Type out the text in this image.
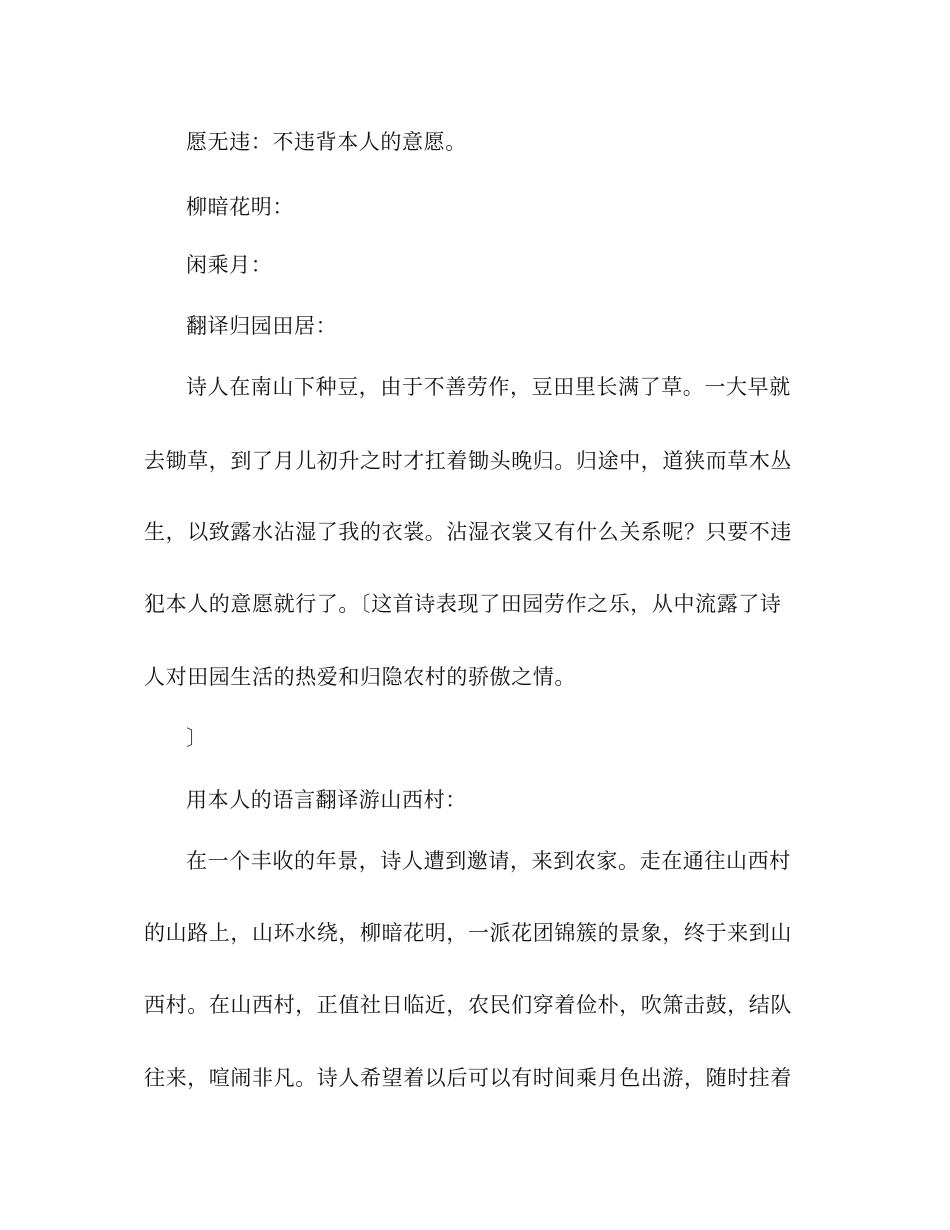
愿无违：不违背本人的意愿。
柳暗花明：
闲乘月：
翻译归园田居：
诗人在南山下种豆，由于不善劳作，豆田里长满了草。一大早就
去锄草，到了月儿初升之时才扛着锄头晚归。归途中，道狭而草木丛
生，以致露水沾湿了我的衣裳。沾湿衣裳又有什么关系呢？只要不违
犯本人的意愿就行了。〔这首诗表现了田园劳作之乐，从中流露了诗
人对田园生活的热爱和归隐农村的骄傲之情。
〕
用本人的语言翻译游山西村：
在一个丰收的年景，诗人遭到邀请，来到农家。走在通往山西村
的山路上，山环水绕，柳暗花明，一派花团锦簇的景象，终于来到山
西村。在山西村，正值社日临近，农民们穿着俭朴，吹箫击鼓，结队
往来，喧闹非凡。诗人希望着以后可以有时间乘月色出游，随时拄着
